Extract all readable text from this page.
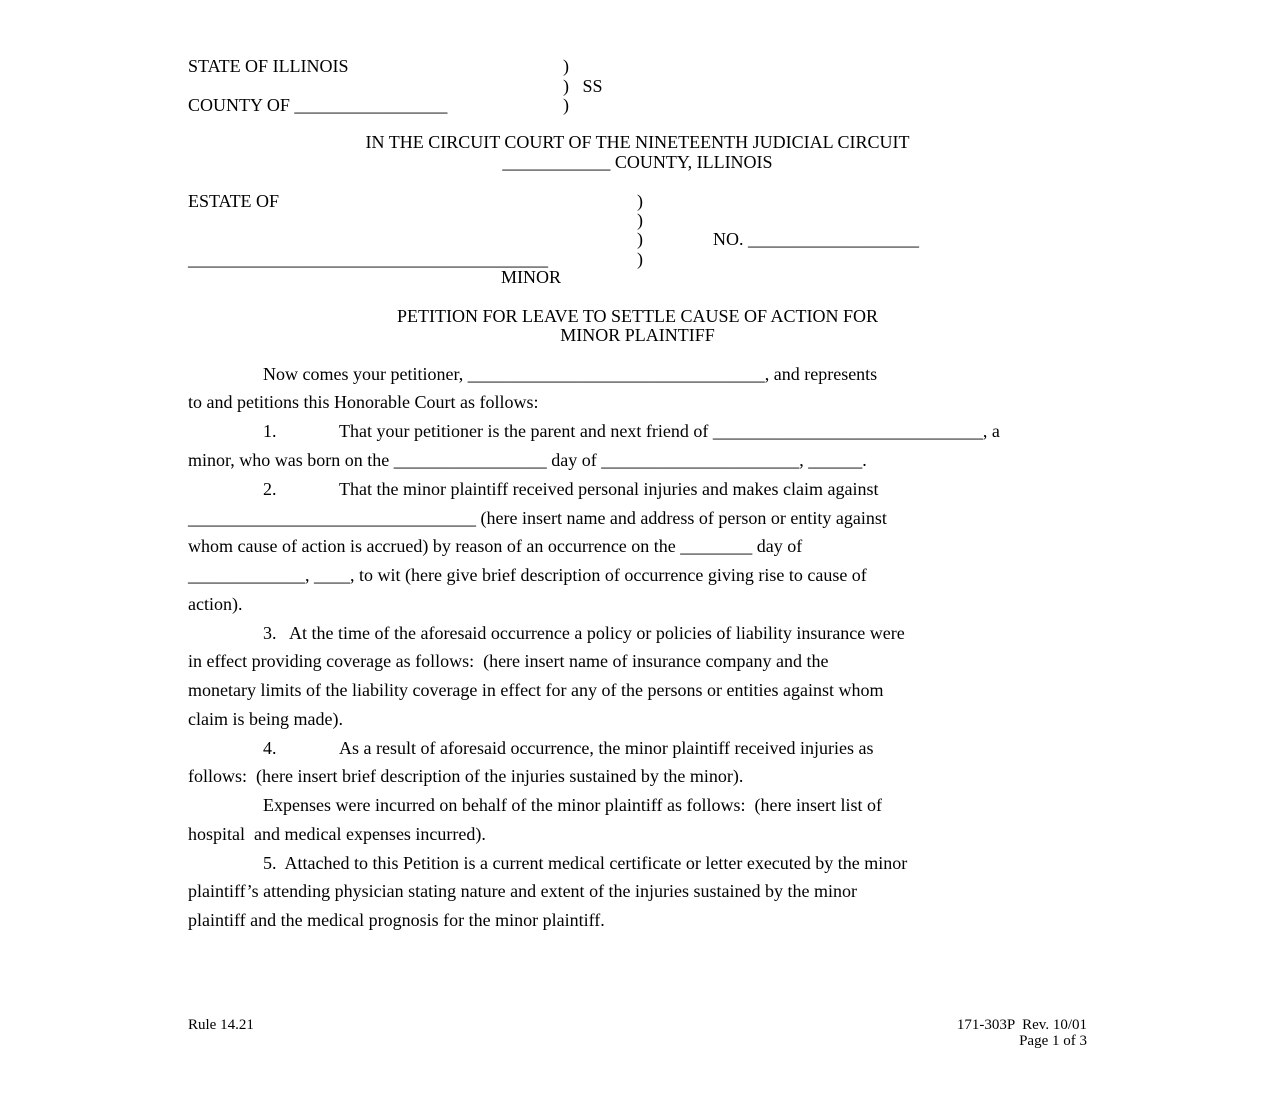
STATE OF ILLINOIS
COUNTY OF _________________
)
)   SS
)
IN THE CIRCUIT COURT OF THE NINETEENTH JUDICIAL CIRCUIT
____________ COUNTY, ILLINOIS
ESTATE OF
________________________________________
MINOR
)
)
)
)
NO. ___________________
PETITION FOR LEAVE TO SETTLE CAUSE OF ACTION FOR
MINOR PLAINTIFF
Now comes your petitioner, _________________________________, and represents
to and petitions this Honorable Court as follows:
1.	That your petitioner is the parent and next friend of ______________________________, a
minor, who was born on the _________________ day of ______________________, ______.
2.	That the minor plaintiff received personal injuries and makes claim against
________________________________ (here insert name and address of person or entity against
whom cause of action is accrued) by reason of an occurrence on the ________ day of
_____________, ____, to wit (here give brief description of occurrence giving rise to cause of
action).
3.   At the time of the aforesaid occurrence a policy or policies of liability insurance were
in effect providing coverage as follows:  (here insert name of insurance company and the
monetary limits of the liability coverage in effect for any of the persons or entities against whom
claim is being made).
4.	As a result of aforesaid occurrence, the minor plaintiff received injuries as
follows:  (here insert brief description of the injuries sustained by the minor).
Expenses were incurred on behalf of the minor plaintiff as follows:  (here insert list of
hospital  and medical expenses incurred).
5.  Attached to this Petition is a current medical certificate or letter executed by the minor
plaintiff’s attending physician stating nature and extent of the injuries sustained by the minor
plaintiff and the medical prognosis for the minor plaintiff.
Rule 14.21	171-303P  Rev. 10/01
Page 1 of 3
